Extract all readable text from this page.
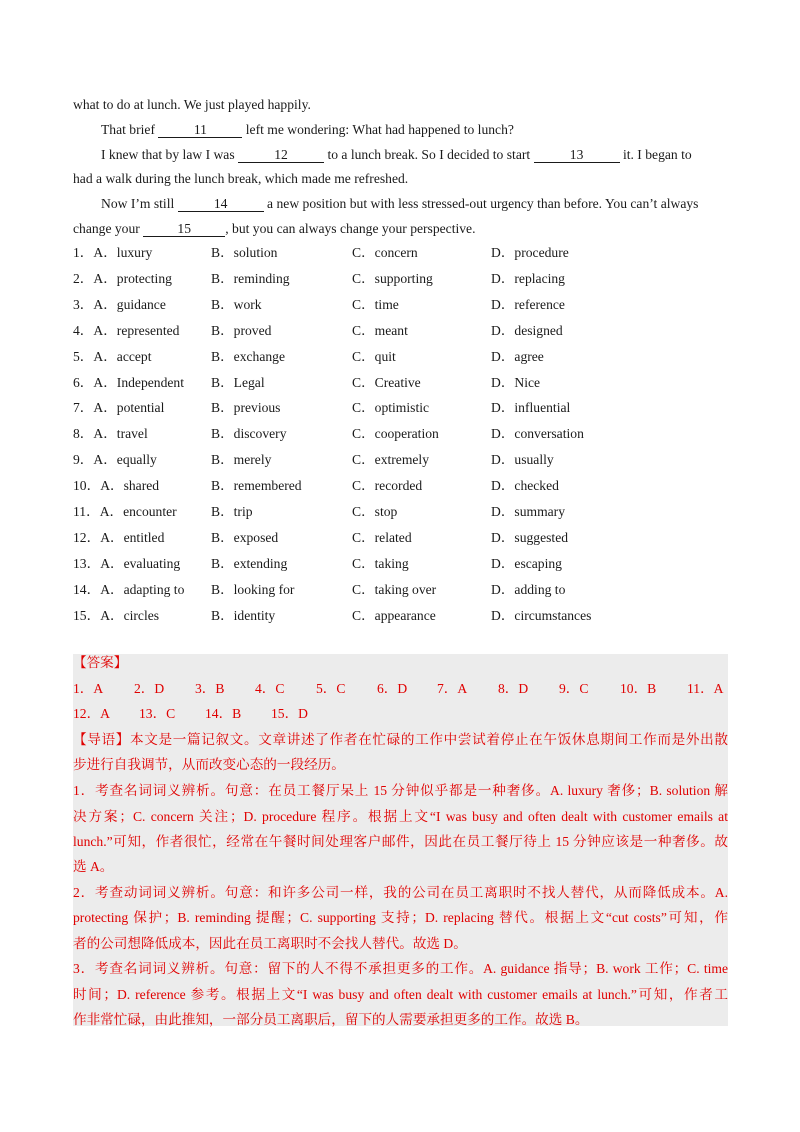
what to do at lunch. We just played happily.
That brief	11	left me wondering: What had happened to lunch?
I knew that by law I was	12	to a lunch break. So I decided to start	13	it. I began to
had a walk during the lunch break, which made me refreshed.
Now I’m still	14	a new position but with less stressed-out urgency than before. You can’t always
change your	15	, but you can always change your perspective.
1．A．luxury	B．solution	C．concern	D．procedure
2．A．protecting	B．reminding	C．supporting	D．replacing
3．A．guidance	B．work	C．time	D．reference
4．A．represented B．proved	C．meant	D．designed
5．A．accept	B．exchange	C．quit	D．agree
6．A．Independent B．Legal	C．Creative	D．Nice
7．A．potential	B．previous	C．optimistic	D．influential
8．A．travel	B．discovery	C．cooperation	D．conversation
9．A．equally	B．merely	C．extremely	D．usually
10．A．shared	B．remembered	C．recorded	D．checked
11．A．encounter	B．trip	C．stop	D．summary
12．A．entitled	B．exposed	C．related	D．suggested
13．A．evaluating B．extending	C．taking	D．escaping
14．A．adapting to B．looking for	C．taking over	D．adding to
15．A．circles	B．identity	C．appearance	D．circumstances
【答案】
1．A 2．D 3．B 4．C 5．C 6．D 7．A 8．D 9．C 10．B 11．A
12．A 13．C 14．B 15．D
【导语】本文是一篇记叙文。文章讲述了作者在忙碌的工作中尝试着停止在午饭休息期间工作而是外出散
步进行自我调节，从而改变心态的一段经历。
1．考查名词词义辨析。句意：在员工餐厅呆上 15 分钟似乎都是一种奢侈。A. luxury 奢侈；B. solution 解
决方案；C. concern 关注；D. procedure 程序。根据上文“I was busy and often dealt with customer emails at
lunch.”可知，作者很忙，经常在午餐时间处理客户邮件，因此在员工餐厅待上 15 分钟应该是一种奢侈。故
选 A。
2．考查动词词义辨析。句意：和许多公司一样，我的公司在员工离职时不找人替代，从而降低成本。A.
protecting 保护；B. reminding 提醒；C. supporting 支持；D. replacing 替代。根据上文“cut costs”可知，作
者的公司想降低成本，因此在员工离职时不会找人替代。故选 D。
3．考查名词词义辨析。句意：留下的人不得不承担更多的工作。A. guidance 指导；B. work 工作；C. time
时间；D. reference 参考。根据上文“I was busy and often dealt with customer emails at lunch.”可知，作者工
作非常忙碌，由此推知，一部分员工离职后，留下的人需要承担更多的工作。故选 B。
